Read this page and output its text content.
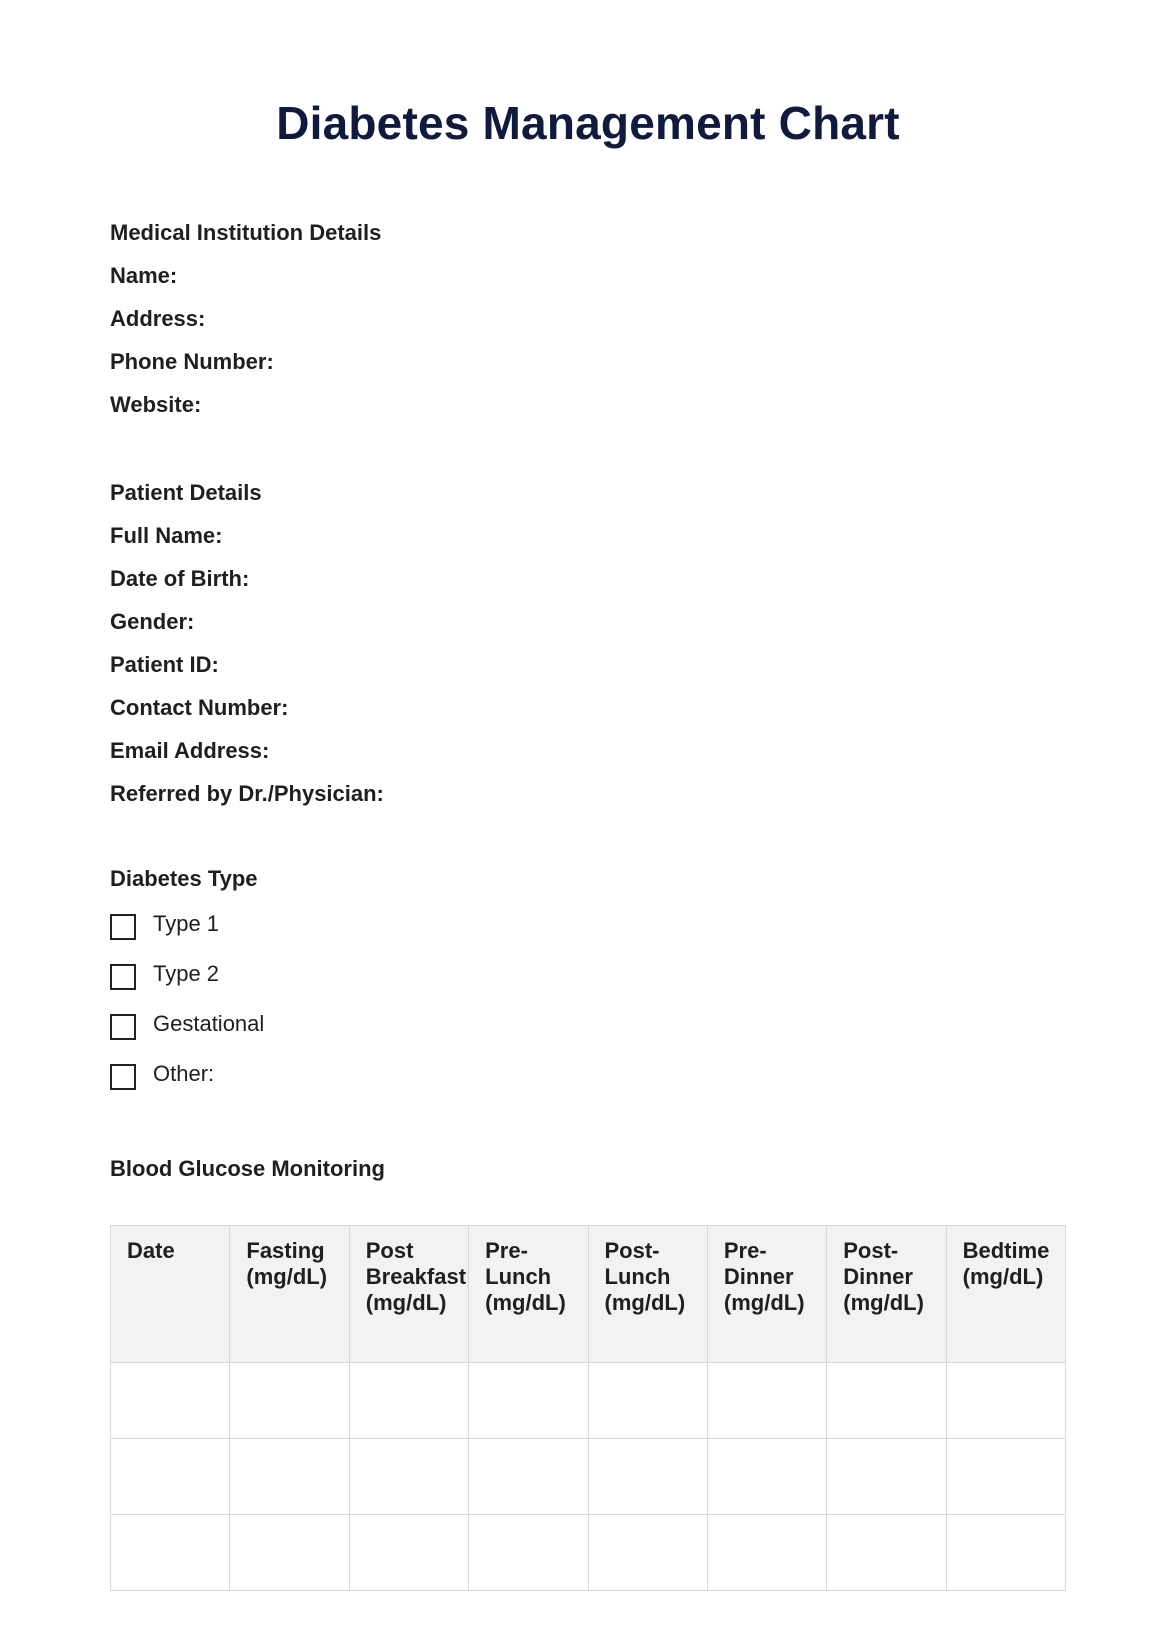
Diabetes Management Chart
Medical Institution Details
Name:
Address:
Phone Number:
Website:
Patient Details
Full Name:
Date of Birth:
Gender:
Patient ID:
Contact Number:
Email Address:
Referred by Dr./Physician:
Diabetes Type
Type 1
Type 2
Gestational
Other:
Blood Glucose Monitoring
Date	Fasting (mg/dL)	Post Breakfast (mg/dL)	Pre-Lunch (mg/dL)	Post-Lunch (mg/dL)	Pre-Dinner (mg/dL)	Post-Dinner (mg/dL)	Bedtime (mg/dL)
